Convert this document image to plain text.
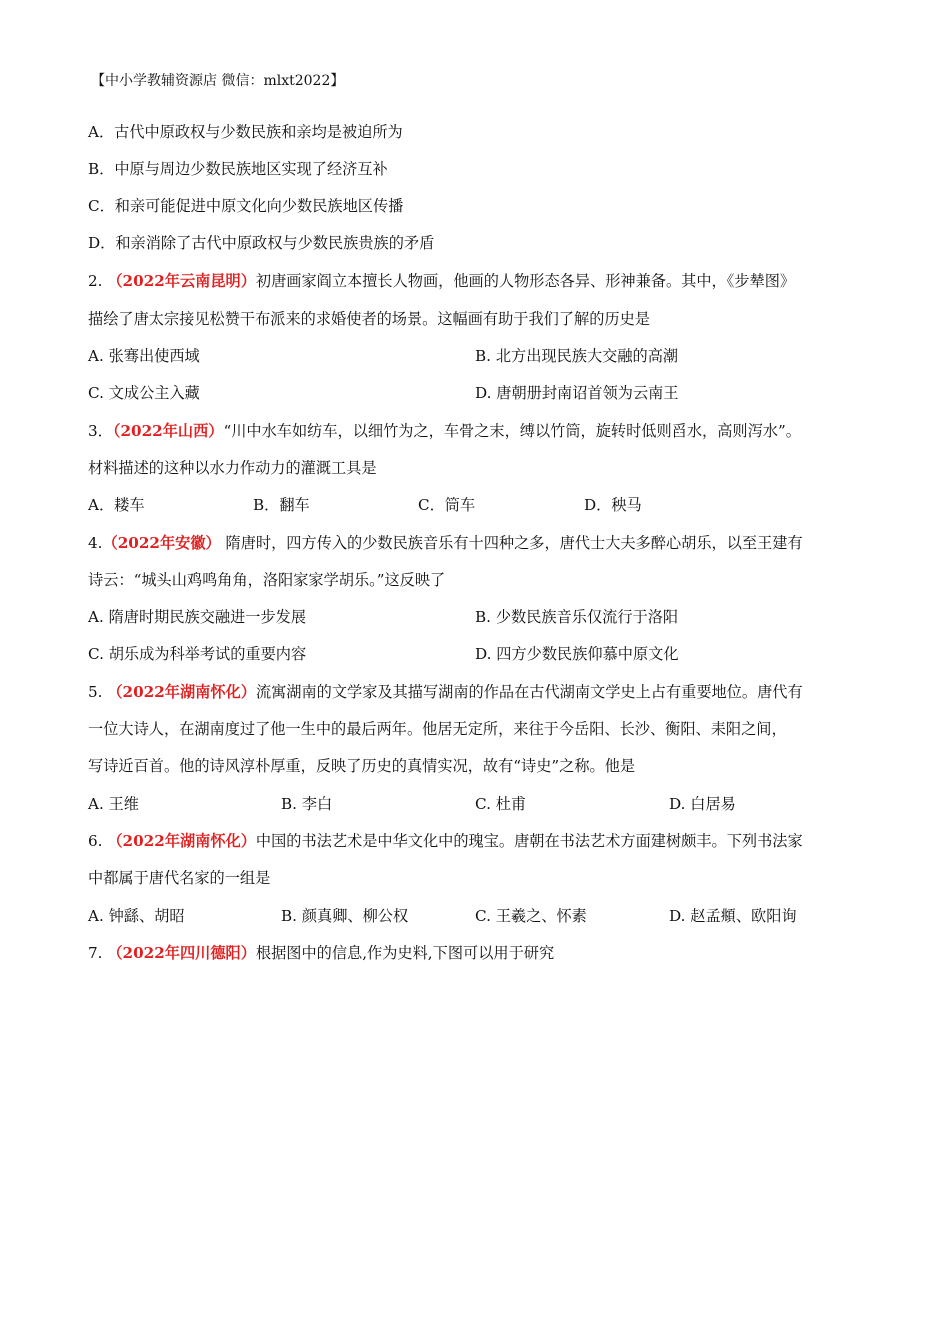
【中小学教辅资源店 微信：mlxt2022】
A．古代中原政权与少数民族和亲均是被迫所为
B．中原与周边少数民族地区实现了经济互补
C．和亲可能促进中原文化向少数民族地区传播
D．和亲消除了古代中原政权与少数民族贵族的矛盾
2. （2022年云南昆明）初唐画家阎立本擅长人物画，他画的人物形态各异、形神兼备。其中，《步辇图》
描绘了唐太宗接见松赞干布派来的求婚使者的场景。这幅画有助于我们了解的历史是
A. 张骞出使西域	B. 北方出现民族大交融的高潮
C. 文成公主入藏	D. 唐朝册封南诏首领为云南王
3．（2022年山西）“川中水车如纺车，以细竹为之，车骨之末，缚以竹筒，旋转时低则舀水，高则泻水”。
材料描述的这种以水力作动力的灌溉工具是
A．耧车	B．翻车	C．筒车	D．秧马
4.（2022年安徽） 隋唐时，四方传入的少数民族音乐有十四种之多，唐代士大夫多醉心胡乐，以至王建有
诗云：“城头山鸡鸣角角，洛阳家家学胡乐。”这反映了
A. 隋唐时期民族交融进一步发展	B. 少数民族音乐仅流行于洛阳
C. 胡乐成为科举考试的重要内容	D. 四方少数民族仰慕中原文化
5. （2022年湖南怀化）流寓湖南的文学家及其描写湖南的作品在古代湖南文学史上占有重要地位。唐代有
一位大诗人，在湖南度过了他一生中的最后两年。他居无定所，来往于今岳阳、长沙、衡阳、耒阳之间，
写诗近百首。他的诗风淳朴厚重，反映了历史的真情实况，故有“诗史”之称。他是
A. 王维	B. 李白	C. 杜甫	D. 白居易
6. （2022年湖南怀化）中国的书法艺术是中华文化中的瑰宝。唐朝在书法艺术方面建树颇丰。下列书法家
中都属于唐代名家的一组是
A. 钟繇、胡昭	B. 颜真卿、柳公权	C. 王羲之、怀素	D. 赵孟頫、欧阳询
7. （2022年四川德阳）根据图中的信息,作为史料,下图可以用于研究
